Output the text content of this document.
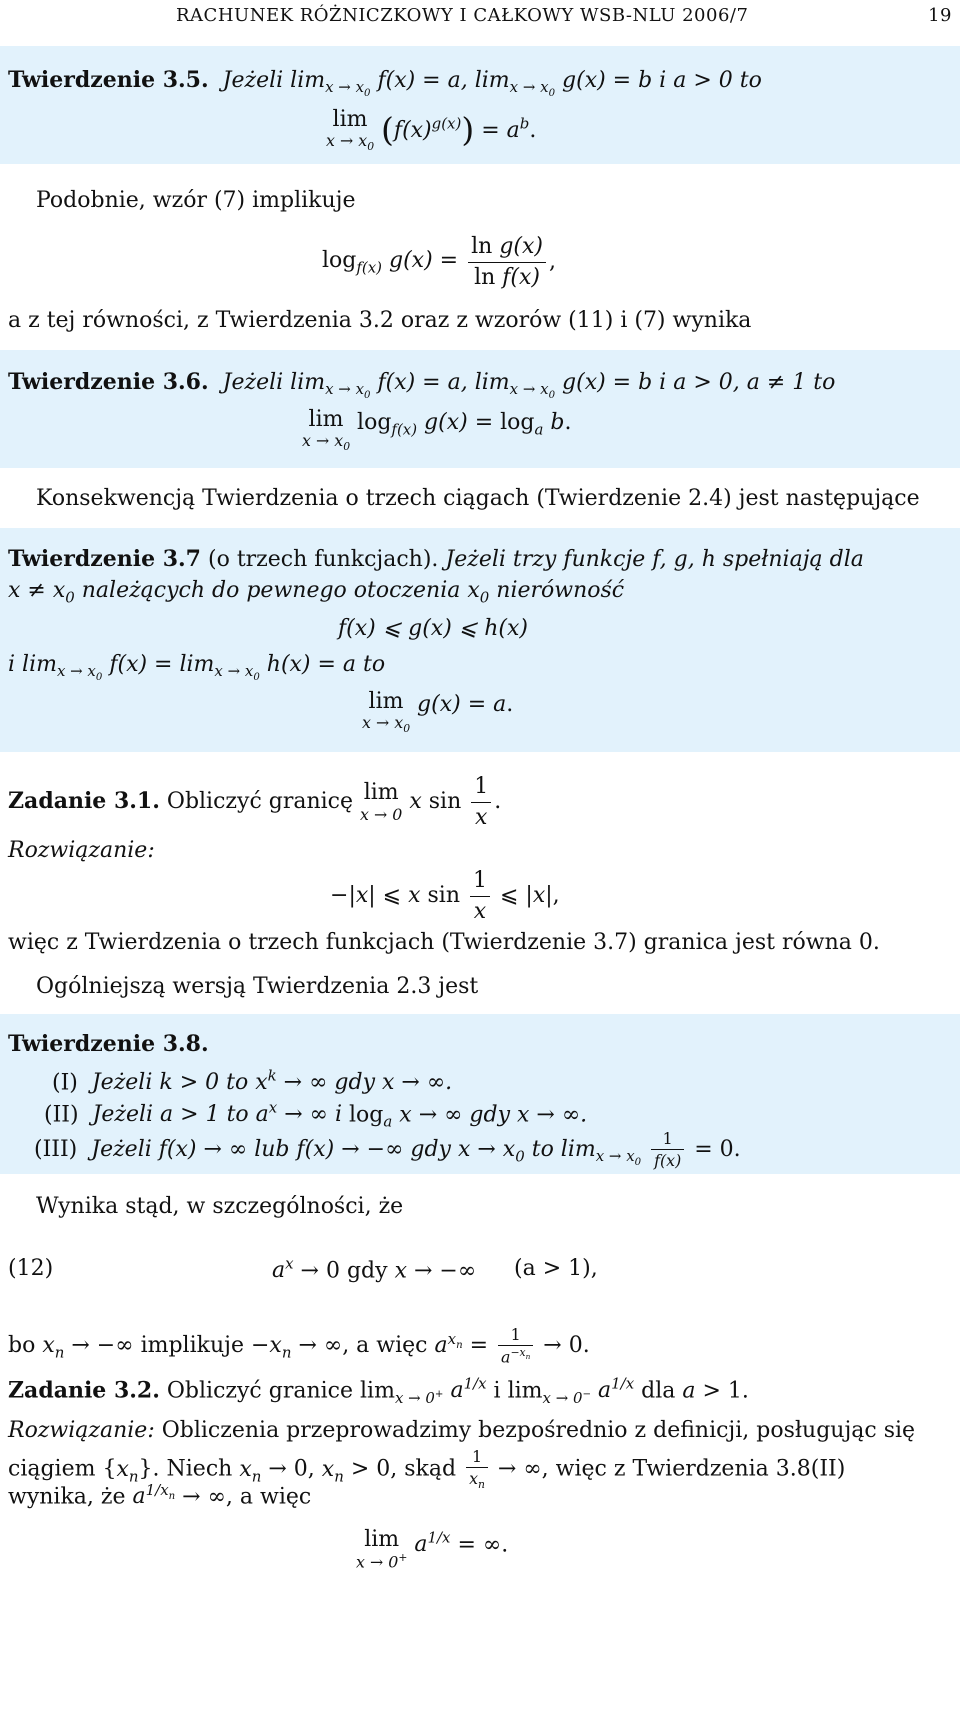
RACHUNEK RÓŻNICZKOWY I CAŁKOWY WSB-NLU 2006/7	19
Twierdzenie 3.5.  Jeżeli $\lim_{x \to x_0} f(x) = a$, $\lim_{x \to x_0} g(x) = b$ i a > 0 to
lim
$x \to x_0$ $(f(x)^{g(x)}) = a^b$.
Podobnie, wzór (7) implikuje
$\log_{f(x)} g(x) = \frac{\text{ln g(x)}}{\text{ln f(x)}}$ ,
a z tej równości, z Twierdzenia 3.2 oraz z wzorów (11) i (7) wynika
Twierdzenie 3.6.  Jeżeli $\lim_{x \to x_0} f(x) = a$, $\lim_{x \to x_0} g(x) = b$ i a > 0, a ≠ 1 to
lim
$x \to x_0$
$\log_{f(x)} g(x) = \log_a b$.
Konsekwencją Twierdzenia o trzech ciągach (Twierdzenie 2.4) jest następujące
Twierdzenie 3.7 (o trzech funkcjach). Jeżeli trzy funkcje f, g, h spełniają dla
$x \ne x_0$ należących do pewnego otoczenia $x_0$ nierówność
f(x) ⩽ g(x) ⩽ h(x)
i $\lim_{x \to x_0} f(x) = \lim_{x \to x_0} h(x) = a$ to
lim
$x \to x_0$
g(x) = a.
Zadanie 3.1. Obliczyć granicę lim
x → 0 x $\sin \frac{1}{x}$ .
Rozwiązanie:
−|x| ⩽ x $\sin \frac{1}{x}$ ⩽ |x|,
więc z Twierdzenia o trzech funkcjach (Twierdzenie 3.7) granica jest równa 0.
Ogólniejszą wersją Twierdzenia 2.3 jest
Twierdzenie 3.8.
(I)  Jeżeli k > 0 to $x^k$ → ∞ gdy x → ∞.
(II)  Jeżeli a > 1 to $a^x$ → ∞ i $\log_a x$ → ∞ gdy x → ∞.
(III)  Jeżeli f(x) → ∞ lub f(x) → −∞ gdy $x \to x_0$ to $\lim_{x \to x_0} \frac{1}{f(x)} = 0$.
Wynika stąd, w szczególności, że
(12)	$a^x \to 0$ gdy x → −∞ (a > 1),
bo $x_n$ → −∞ implikuje $-x_n$ → ∞, a więc $a^{x_n} = \frac{1}{a^{-x_n}} \to 0$.
Zadanie 3.2. Obliczyć granice $\lim_{x \to 0^+} a^{1/x}$ i $\lim_{x \to 0^-} a^{1/x}$ dla a > 1.
Rozwiązanie: Obliczenia przeprowadzimy bezpośrednio z definicji, posługując się
ciągiem $\{x_n\}$. Niech $x_n \to 0$, $x_n > 0$, skąd $\frac{1}{x_n}$ → ∞, więc z Twierdzenia 3.8(II)
wynika, że $a^{1/x_n}$ → ∞, a więc
lim
x → 0+
$a^{1/x}$ = ∞.
